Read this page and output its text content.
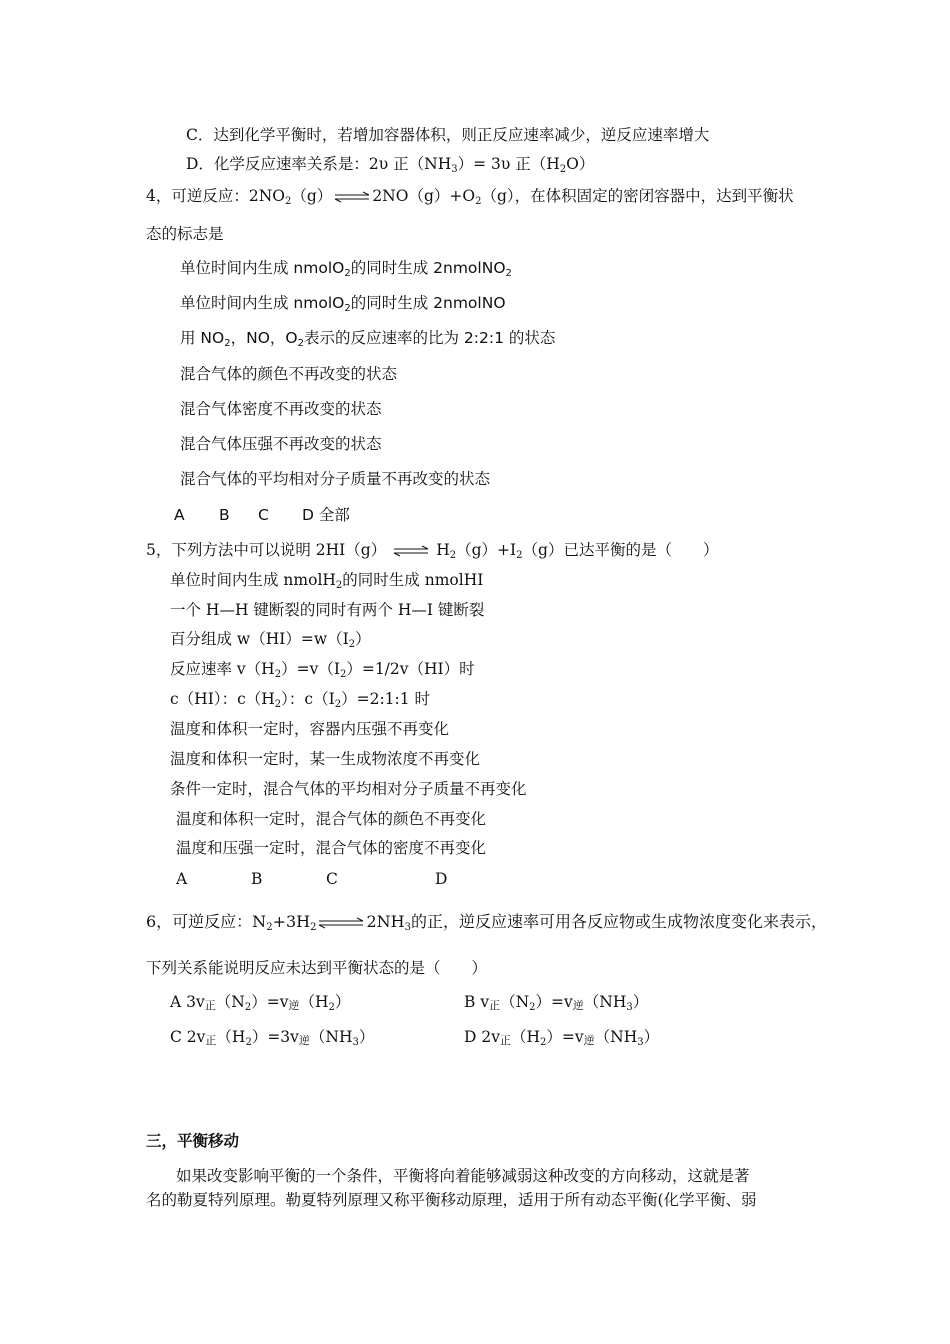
C．达到化学平衡时，若增加容器体积，则正反应速率减少，逆反应速率增大
D．化学反应速率关系是：2υ 正$(NH_3)= 3\upsilon$ 正$(H_2O)$
4，可逆反应：$2NO_2(g)\rightleftharpoons 2NO(g)+O_2(g)$，在体积固定的密闭容器中，达到平衡状
态的标志是
单位时间内生成 nmolO$_2$的同时生成 2nmolNO$_2$
单位时间内生成 nmolO$_2$的同时生成 2nmolNO
用 $NO_2$，NO，$O_2$表示的反应速率的比为 2:2:1 的状态
混合气体的颜色不再改变的状态
混合气体密度不再改变的状态
混合气体压强不再改变的状态
混合气体的平均相对分子质量不再改变的状态
A B C D 全部
5，下列方法中可以说明 2HI（g） ⇌ $H_2(g)+I_2(g)$已达平衡的是（　　）
单位时间内生成 nmolH$_2$的同时生成 nmolHI
一个 H—H 键断裂的同时有两个 H—I 键断裂
百分组成 $w(HI)=w(I_2)$
反应速率 $v(H_2)=v(I_2)=1/2v(HI)$时
c（HI）：$c(H_2)$：$c(I_2)=2:1:1$ 时
温度和体积一定时，容器内压强不再变化
温度和体积一定时，某一生成物浓度不再变化
条件一定时，混合气体的平均相对分子质量不再变化
温度和体积一定时，混合气体的颜色不再变化
温度和压强一定时，混合气体的密度不再变化
A	B	C	D
6，可逆反应：$N_2+3H_2\rightleftharpoons 2NH_3$的正，逆反应速率可用各反应物或生成物浓度变化来表示，
下列关系能说明反应未达到平衡状态的是（　　）
A 3v正$(N_2)=v$逆$(H_2)$	B v正$(N_2)=v$逆$(NH_3)$
C 2v正$(H_2)=3v$逆$(NH_3)$	D 2v正$(H_2)=v$逆$(NH_3)$
三，平衡移动
如果改变影响平衡的一个条件，平衡将向着能够减弱这种改变的方向移动，这就是著
名的勒夏特列原理。勒夏特列原理又称平衡移动原理，适用于所有动态平衡(化学平衡、弱
